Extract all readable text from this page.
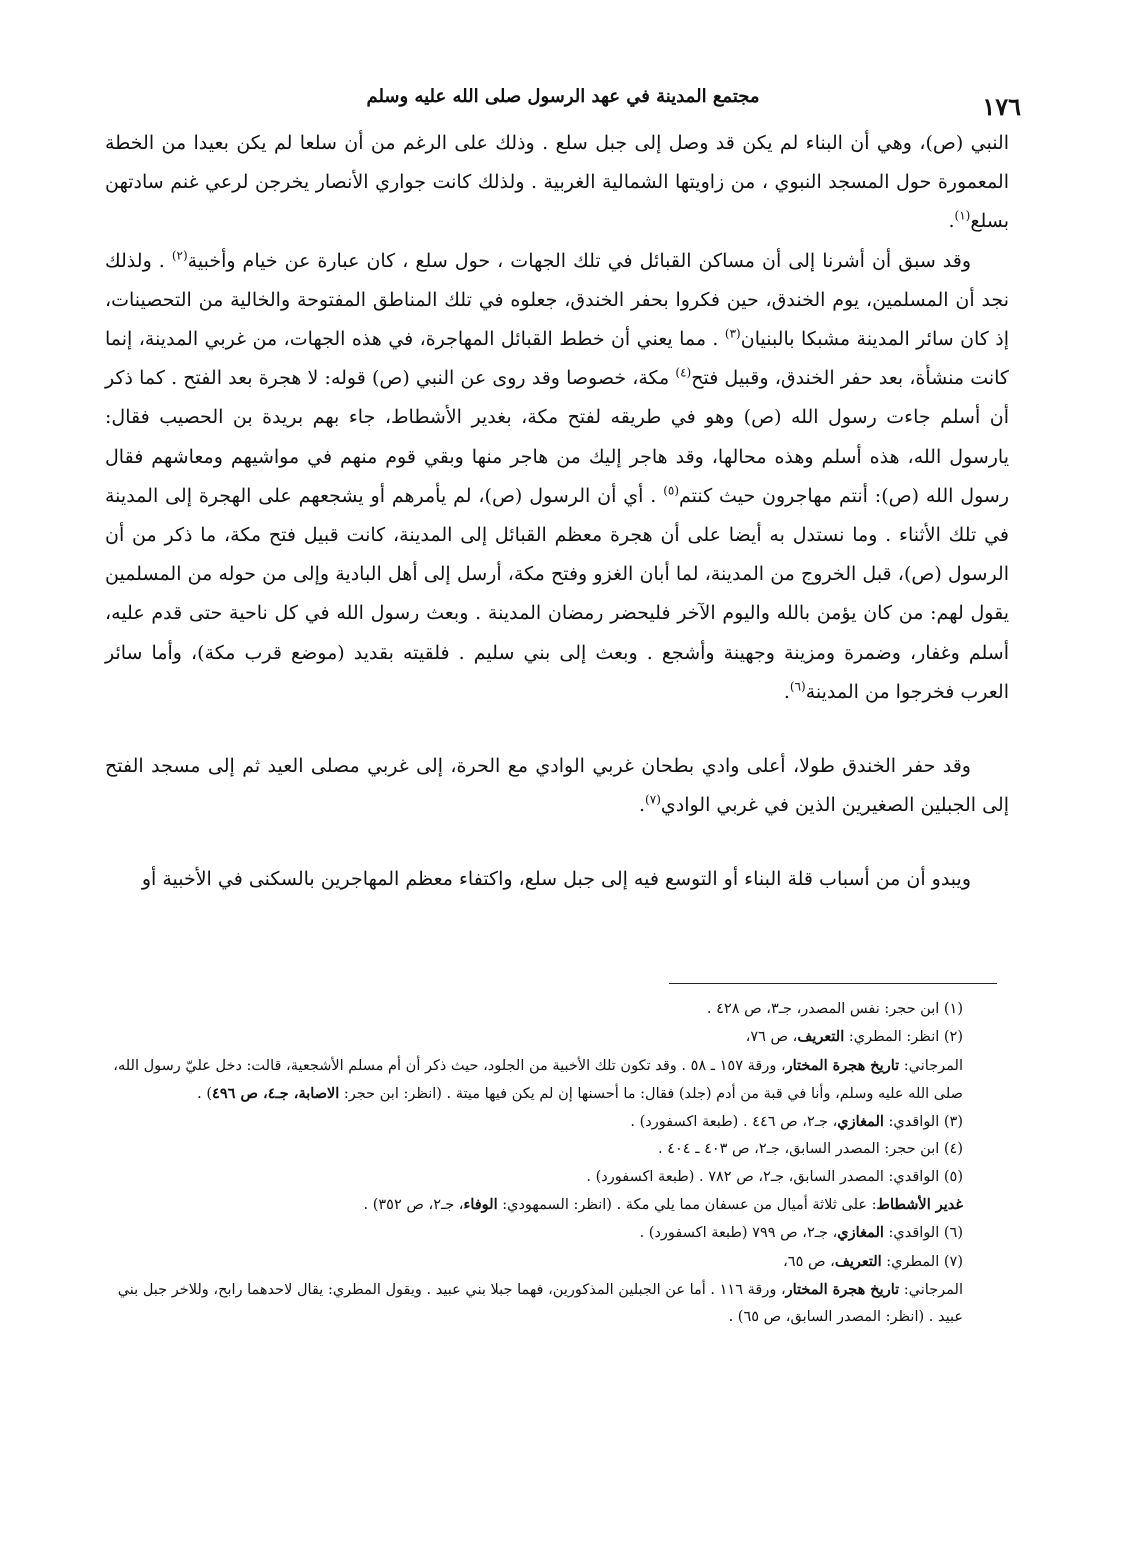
مجتمع المدينة في عهد الرسول صلى الله عليه وسلم	١٧٦

النبي (ص)، وهي أن البناء لم يكن قد وصل إلى جبل سلع . وذلك على الرغم من أن سلعا لم يكن بعيدا من الخطة المعمورة حول المسجد النبوي ، من زاويتها الشمالية الغربية . ولذلك كانت جواري الأنصار يخرجن لرعي غنم سادتهن بسلع$^{(١)}$.

وقد سبق أن أشرنا إلى أن مساكن القبائل في تلك الجهات ، حول سلع ، كان عبارة عن خيام وأخبية$^{(٢)}$ . ولذلك نجد أن المسلمين، يوم الخندق، حين فكروا بحفر الخندق، جعلوه في تلك المناطق المفتوحة والخالية من التحصينات، إذ كان سائر المدينة مشبكا بالبنيان$^{(٣)}$ . مما يعني أن خطط القبائل المهاجرة، في هذه الجهات، من غربي المدينة، إنما كانت منشأة، بعد حفر الخندق، وقبيل فتح$^{(٤)}$ مكة، خصوصا وقد روى عن النبي (ص) قوله: لا هجرة بعد الفتح . كما ذكر أن أسلم جاءت رسول الله (ص) وهو في طريقه لفتح مكة، بغدير الأشطاط، جاء بهم بريدة بن الحصيب فقال: يارسول الله، هذه أسلم وهذه محالها، وقد هاجر إليك من هاجر منها وبقي قوم منهم في مواشيهم ومعاشهم فقال رسول الله (ص): أنتم مهاجرون حيث كنتم$^{(٥)}$ . أي أن الرسول (ص)، لم يأمرهم أو يشجعهم على الهجرة إلى المدينة في تلك الأثناء . وما نستدل به أيضا على أن هجرة معظم القبائل إلى المدينة، كانت قبيل فتح مكة، ما ذكر من أن الرسول (ص)، قبل الخروج من المدينة، لما أبان الغزو وفتح مكة، أرسل إلى أهل البادية وإلى من حوله من المسلمين يقول لهم: من كان يؤمن بالله واليوم الآخر فليحضر رمضان المدينة . وبعث رسول الله في كل ناحية حتى قدم عليه، أسلم وغفار، وضمرة ومزينة وجهينة وأشجع . وبعث إلى بني سليم . فلقيته بقديد (موضع قرب مكة)، وأما سائر العرب فخرجوا من المدينة$^{(٦)}$.

وقد حفر الخندق طولا، أعلى وادي بطحان غربي الوادي مع الحرة، إلى غربي مصلى العيد ثم إلى مسجد الفتح إلى الجبلين الصغيرين الذين في غربي الوادي$^{(٧)}$.

ويبدو أن من أسباب قلة البناء أو التوسع فيه إلى جبل سلع، واكتفاء معظم المهاجرين بالسكنى في الأخبية أو

(١) ابن حجر: نفس المصدر، جـ٣، ص ٤٢٨ .

(٢) انظر: المطري: التعريف، ص ٧٦،

المرجاني: تاريخ هجرة المختار، ورقة ١٥٧ ـ ٥٨ . وقد تكون تلك الأخبية من الجلود، حيث ذكر أن أم مسلم الأشجعية، قالت: دخل عليّ رسول الله، صلى الله عليه وسلم، وأنا في قبة من أدم (جلد) فقال: ما أحسنها إن لم يكن فيها ميتة . (انظر: ابن حجر: الاصابة، جـ٤، ص ٤٩٦) .

(٣) الواقدي: المغازي، جـ٢، ص ٤٤٦ . (طبعة اكسفورد) .

(٤) ابن حجر: المصدر السابق، جـ٢، ص ٤٠٣ ـ ٤٠٤ .

(٥) الواقدي: المصدر السابق، جـ٢، ص ٧٨٢ . (طبعة اكسفورد) .

غدير الأشطاط: على ثلاثة أميال من عسفان مما يلي مكة . (انظر: السمهودي: الوفاء، جـ٢، ص ٣٥٢) .

(٦) الواقدي: المغازي، جـ٢، ص ٧٩٩ (طبعة اكسفورد) .

(٧) المطري: التعريف، ص ٦٥،

المرجاني: تاريخ هجرة المختار، ورقة ١١٦ . أما عن الجبلين المذكورين، فهما جبلا بني عبيد . ويقول المطري: يقال لاحدهما رابح، وللاخر جبل بني عبيد . (انظر: المصدر السابق، ص ٦٥) .
